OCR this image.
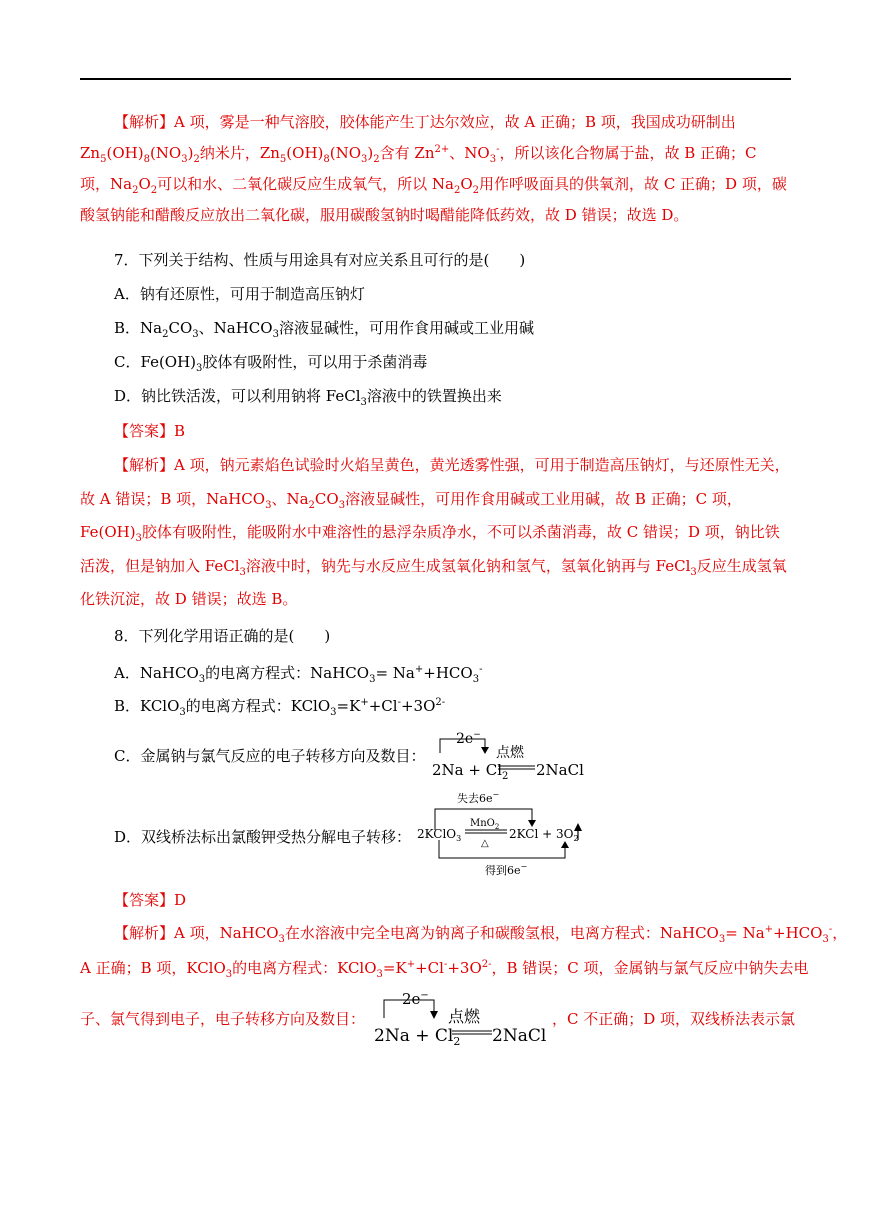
【解析】A 项，雾是一种气溶胶，胶体能产生丁达尔效应，故 A 正确；B 项，我国成功研制出 $Zn_5(OH)_8(NO_3)_2$纳米片，$Zn_5(OH)_8(NO_3)_2$含有 $Zn^{2+}$、$NO_3^-$，所以该化合物属于盐，故 B 正确；C 项，$Na_2O_2$可以和水、二氧化碳反应生成氧气，所以 $Na_2O_2$用作呼吸面具的供氧剂，故 C 正确；D 项，碳酸氢钠能和醋酸反应放出二氧化碳，服用碳酸氢钠时喝醋能降低药效，故 D 错误；故选 D。
7．下列关于结构、性质与用途具有对应关系且可行的是(　　)
A．钠有还原性，可用于制造高压钠灯
B．$Na_2CO_3$、NaHCO$_3$溶液显碱性，可用作食用碱或工业用碱
C．$Fe(OH)_3$胶体有吸附性，可以用于杀菌消毒
D．钠比铁活泼，可以利用钠将 FeCl$_3$溶液中的铁置换出来
【答案】B
【解析】A 项，钠元素焰色试验时火焰呈黄色，黄光透雾性强，可用于制造高压钠灯，与还原性无关，故 A 错误；B 项，NaHCO$_3$、$Na_2CO_3$溶液显碱性，可用作食用碱或工业用碱，故 B 正确；C 项，$Fe(OH)_3$胶体有吸附性，能吸附水中难溶性的悬浮杂质净水，不可以杀菌消毒，故 C 错误；D 项，钠比铁活泼，但是钠加入 FeCl$_3$溶液中时，钠先与水反应生成氢氧化钠和氢气，氢氧化钠再与 FeCl$_3$反应生成氢氧化铁沉淀，故 D 错误；故选 B。
8．下列化学用语正确的是(　　)
A．NaHCO$_3$的电离方程式：NaHCO$_3$= $Na^++HCO_3^-$
B．KClO$_3$的电离方程式：$KClO_3=K^++Cl^-+3O^{2-}$
C．金属钠与氯气反应的电子转移方向及数目：
2e−
点燃
$2Na + Cl_2$ 2NaCl
D．双线桥法标出氯酸钾受热分解电子转移：
失去6e−
MnO$_2$
△
2KClO$_3$	$2KCl + 3O_2$
得到6e−
【答案】D
【解析】A 项，NaHCO$_3$在水溶液中完全电离为钠离子和碳酸氢根，电离方程式：NaHCO$_3$= $Na^++HCO_3^-$，
A 正确；B 项，KClO$_3$的电离方程式：$KClO_3=K^++Cl^-+3O^{2-}$，B 错误；C 项，金属钠与氯气反应中钠失去电
子、氯气得到电子，电子转移方向及数目：
2e−
点燃
$2Na + Cl_2$ 2NaCl
，C 不正确；D 项，双线桥法表示氯
